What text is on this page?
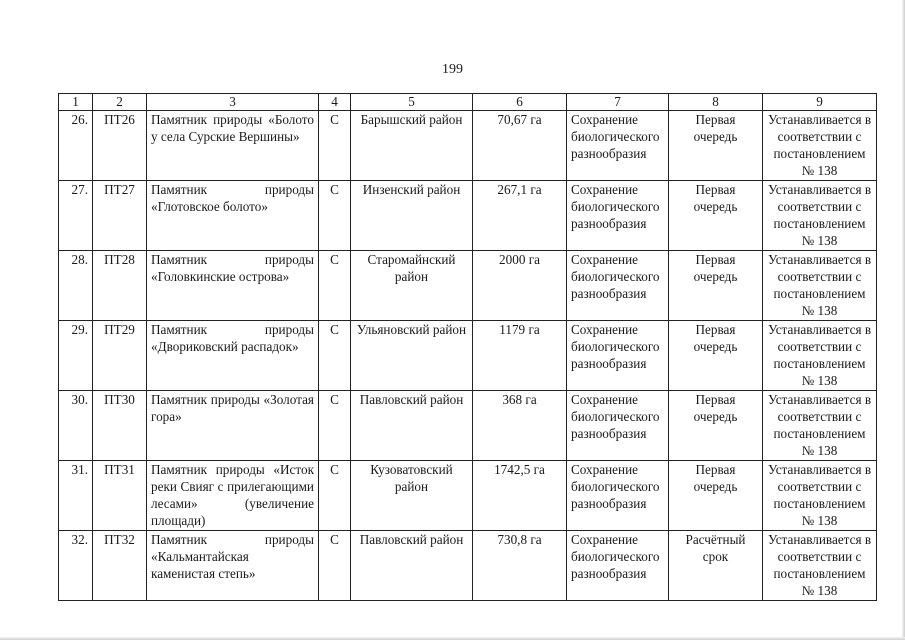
199
1	2	3	4	5	6	7	8	9
26.	ПТ26	Памятник природы «Болото у села Сурские Вершины»	С	Барышский район	70,67 га	Сохранение биологического разнообразия	Первая очередь	Устанавливается в соответствии с постановлением № 138
27.	ПТ27	Памятник природы «Глотовское болото»	С	Инзенский район	267,1 га	Сохранение биологического разнообразия	Первая очередь	Устанавливается в соответствии с постановлением № 138
28.	ПТ28	Памятник природы «Головкинские острова»	С	Старомайнский район	2000 га	Сохранение биологического разнообразия	Первая очередь	Устанавливается в соответствии с постановлением № 138
29.	ПТ29	Памятник природы «Двориковский распадок»	С	Ульяновский район	1179 га	Сохранение биологического разнообразия	Первая очередь	Устанавливается в соответствии с постановлением № 138
30.	ПТ30	Памятник природы «Золотая гора»	С	Павловский район	368 га	Сохранение биологического разнообразия	Первая очередь	Устанавливается в соответствии с постановлением № 138
31.	ПТ31	Памятник природы «Исток реки Свияг с прилегающими лесами» (увеличение площади)	С	Кузоватовский район	1742,5 га	Сохранение биологического разнообразия	Первая очередь	Устанавливается в соответствии с постановлением № 138
32.	ПТ32	Памятник природы «Кальмантайская каменистая степь»	С	Павловский район	730,8 га	Сохранение биологического разнообразия	Расчётный срок	Устанавливается в соответствии с постановлением № 138
